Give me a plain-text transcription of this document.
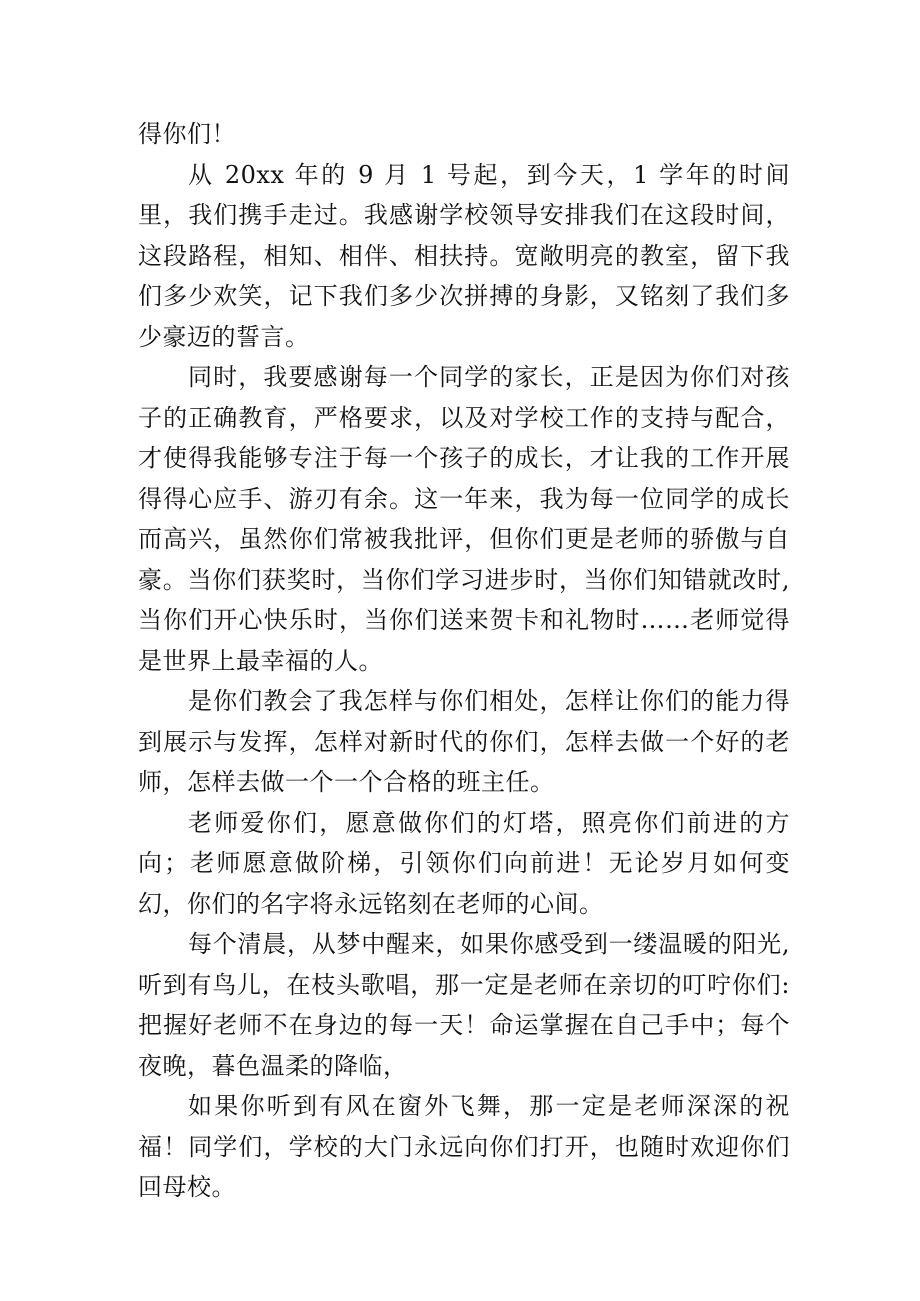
得你们！

从 20xx 年的 9 月 1 号起，到今天，1 学年的时间里，我们携手走过。我感谢学校领导安排我们在这段时间，这段路程，相知、相伴、相扶持。宽敞明亮的教室，留下我们多少欢笑，记下我们多少次拼搏的身影，又铭刻了我们多少豪迈的誓言。

同时，我要感谢每一个同学的家长，正是因为你们对孩子的正确教育，严格要求，以及对学校工作的支持与配合，才使得我能够专注于每一个孩子的成长，才让我的工作开展得得心应手、游刃有余。这一年来，我为每一位同学的成长而高兴，虽然你们常被我批评，但你们更是老师的骄傲与自豪。当你们获奖时，当你们学习进步时，当你们知错就改时,当你们开心快乐时，当你们送来贺卡和礼物时……老师觉得是世界上最幸福的人。

是你们教会了我怎样与你们相处，怎样让你们的能力得到展示与发挥，怎样对新时代的你们，怎样去做一个好的老师，怎样去做一个一个合格的班主任。

老师爱你们，愿意做你们的灯塔，照亮你们前进的方向；老师愿意做阶梯，引领你们向前进！无论岁月如何变幻，你们的名字将永远铭刻在老师的心间。

每个清晨，从梦中醒来，如果你感受到一缕温暖的阳光,听到有鸟儿，在枝头歌唱，那一定是老师在亲切的叮咛你们:把握好老师不在身边的每一天！命运掌握在自己手中；每个夜晚，暮色温柔的降临，

如果你听到有风在窗外飞舞，那一定是老师深深的祝福！同学们，学校的大门永远向你们打开，也随时欢迎你们回母校。
